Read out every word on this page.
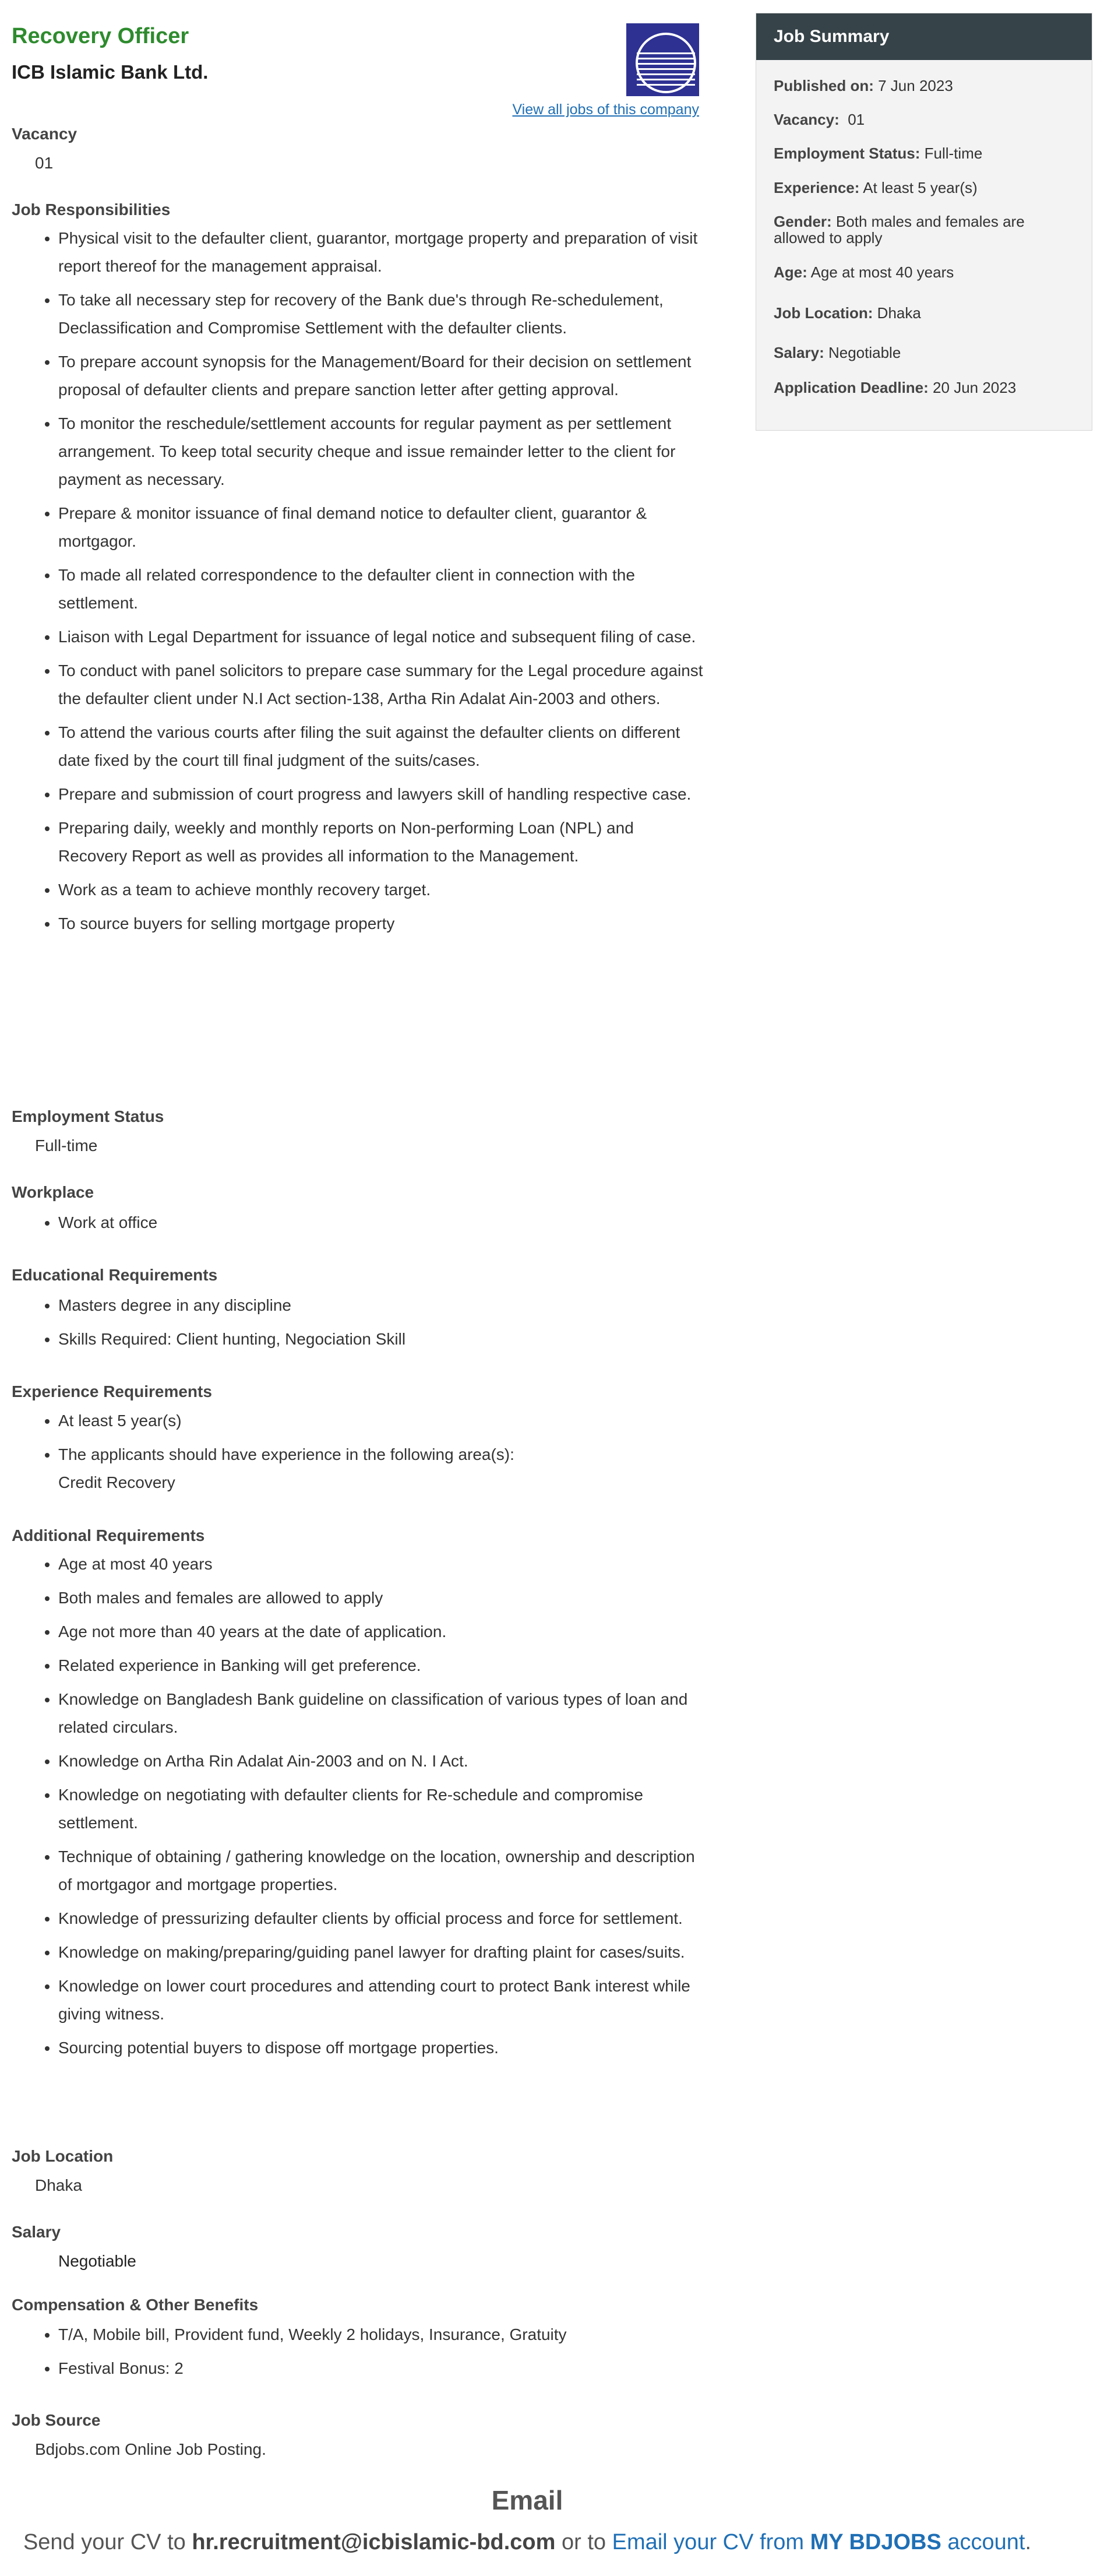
Recovery Officer
ICB Islamic Bank Ltd.
View all jobs of this company
Vacancy

01

Job Responsibilities
• Physical visit to the defaulter client, guarantor, mortgage property and preparation of visit report thereof for the management appraisal.
• To take all necessary step for recovery of the Bank due's through Re-schedulement, Declassification and Compromise Settlement with the defaulter clients.
• To prepare account synopsis for the Management/Board for their decision on settlement proposal of defaulter clients and prepare sanction letter after getting approval.
• To monitor the reschedule/settlement accounts for regular payment as per settlement arrangement. To keep total security cheque and issue remainder letter to the client for payment as necessary.
• Prepare & monitor issuance of final demand notice to defaulter client, guarantor & mortgagor.
• To made all related correspondence to the defaulter client in connection with the settlement.
• Liaison with Legal Department for issuance of legal notice and subsequent filing of case.
• To conduct with panel solicitors to prepare case summary for the Legal procedure against the defaulter client under N.I Act section-138, Artha Rin Adalat Ain-2003 and others.
• To attend the various courts after filing the suit against the defaulter clients on different date fixed by the court till final judgment of the suits/cases.
• Prepare and submission of court progress and lawyers skill of handling respective case.
• Preparing daily, weekly and monthly reports on Non-performing Loan (NPL) and Recovery Report as well as provides all information to the Management.
• Work as a team to achieve monthly recovery target.
• To source buyers for selling mortgage property
Employment Status

Full-time

Workplace
• Work at office
Educational Requirements
• Masters degree in any discipline
• Skills Required: Client hunting, Negociation Skill
Experience Requirements
• At least 5 year(s)
• The applicants should have experience in the following area(s):
Credit Recovery
Additional Requirements
• Age at most 40 years
• Both males and females are allowed to apply
• Age not more than 40 years at the date of application.
• Related experience in Banking will get preference.
• Knowledge on Bangladesh Bank guideline on classification of various types of loan and related circulars.
• Knowledge on Artha Rin Adalat Ain-2003 and on N. I Act.
• Knowledge on negotiating with defaulter clients for Re-schedule and compromise settlement.
• Technique of obtaining / gathering knowledge on the location, ownership and description of mortgagor and mortgage properties.
• Knowledge of pressurizing defaulter clients by official process and force for settlement.
• Knowledge on making/preparing/guiding panel lawyer for drafting plaint for cases/suits.
• Knowledge on lower court procedures and attending court to protect Bank interest while giving witness.
• Sourcing potential buyers to dispose off mortgage properties.
Job Location

Dhaka

Salary

Negotiable

Compensation & Other Benefits
• T/A, Mobile bill, Provident fund, Weekly 2 holidays, Insurance, Gratuity
• Festival Bonus: 2
Job Source

Bdjobs.com Online Job Posting.

Email

Send your CV to hr.recruitment@icbislamic-bd.com or to Email your CV from MY BDJOBS account.

Job Summary
Published on: 7 Jun 2023
Vacancy: 01
Employment Status: Full-time
Experience: At least 5 year(s)
Gender: Both males and females are allowed to apply
Age: Age at most 40 years
Job Location: Dhaka
Salary: Negotiable
Application Deadline: 20 Jun 2023
